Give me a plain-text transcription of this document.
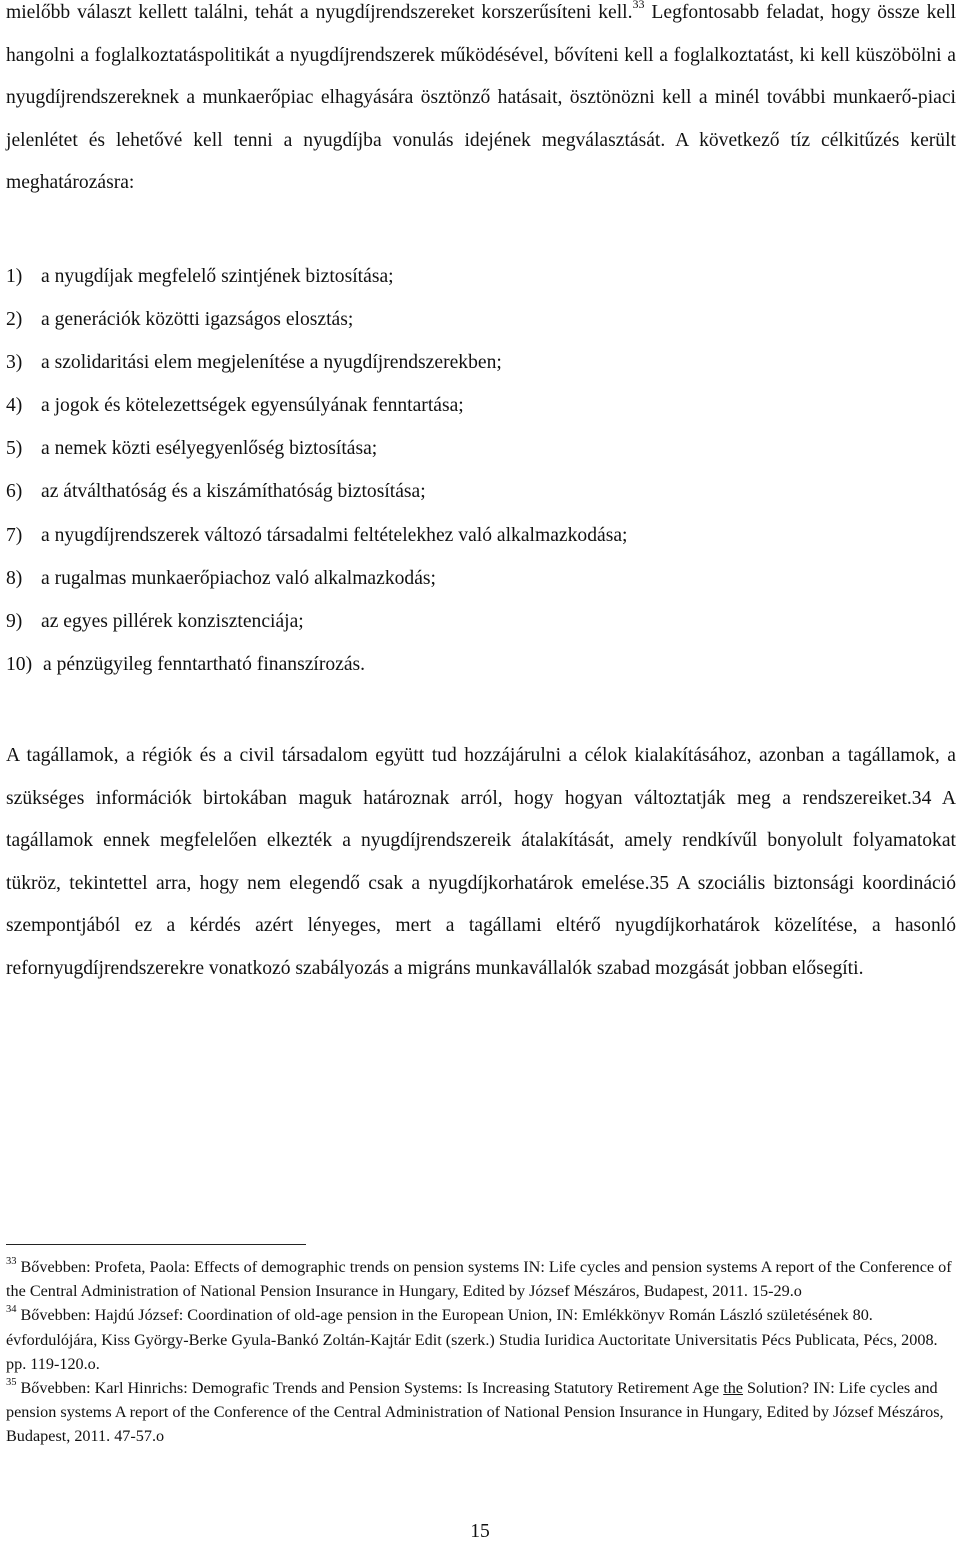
mielőbb választ kellett találni, tehát a nyugdíjrendszereket korszerűsíteni kell.$^{33}$ Legfontosabb feladat, hogy össze kell hangolni a foglalkoztatáspolitikát a nyugdíjrendszerek működésével, bővíteni kell a foglalkoztatást, ki kell küszöbölni a nyugdíjrendszereknek a munkaerőpiac elhagyására ösztönző hatásait, ösztönözni kell a minél további munkaerő-piaci jelenlétet és lehetővé kell tenni a nyugdíjba vonulás idejének megválasztását. A következő tíz célkitűzés került meghatározásra:

1) a nyugdíjak megfelelő szintjének biztosítása;
2) a generációk közötti igazságos elosztás;
3) a szolidaritási elem megjelenítése a nyugdíjrendszerekben;
4) a jogok és kötelezettségek egyensúlyának fenntartása;
5) a nemek közti esélyegyenlőség biztosítása;
6) az átválthatóság és a kiszámíthatóság biztosítása;
7) a nyugdíjrendszerek változó társadalmi feltételekhez való alkalmazkodása;
8) a rugalmas munkaerőpiachoz való alkalmazkodás;
9) az egyes pillérek konzisztenciája;
10) a pénzügyileg fenntartható finanszírozás.

A tagállamok, a régiók és a civil társadalom együtt tud hozzájárulni a célok kialakításához, azonban a tagállamok, a szükséges információk birtokában maguk határoznak arról, hogy hogyan változtatják meg a rendszereiket.34 A tagállamok ennek megfelelően elkezték a nyugdíjrendszereik átalakítását, amely rendkívűl bonyolult folyamatokat tükröz, tekintettel arra, hogy nem elegendő csak a nyugdíjkorhatárok emelése.35 A szociális biztonsági koordináció szempontjából ez a kérdés azért lényeges, mert a tagállami eltérő nyugdíjkorhatárok közelítése, a hasonló refornyugdíjrendszerekre vonatkozó szabályozás a migráns munkavállalók szabad mozgását jobban elősegíti.

$^{33}$ Bővebben: Profeta, Paola: Effects of demographic trends on pension systems IN: Life cycles and pension systems A report of the Conference of the Central Administration of National Pension Insurance in Hungary, Edited by József Mészáros, Budapest, 2011. 15-29.o

$^{34}$ Bővebben: Hajdú József: Coordination of old-age pension in the European Union, IN: Emlékkönyv Román László születésének 80. évfordulójára, Kiss György-Berke Gyula-Bankó Zoltán-Kajtár Edit (szerk.) Studia Iuridica Auctoritate Universitatis Pécs Publicata, Pécs, 2008. pp. 119-120.o.

$^{35}$ Bővebben: Karl Hinrichs: Demografic Trends and Pension Systems: Is Increasing Statutory Retirement Age the Solution? IN: Life cycles and pension systems A report of the Conference of the Central Administration of National Pension Insurance in Hungary, Edited by József Mészáros, Budapest, 2011. 47-57.o

15
